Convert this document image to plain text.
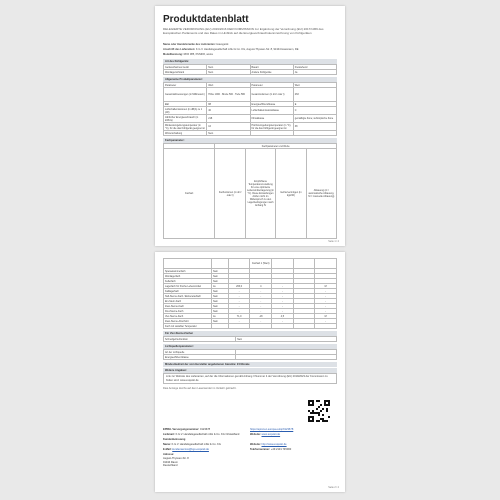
Produktdatenblatt
DELEGIERTE VERORDNUNG (EU) 2019/2016 DER KOMMISSION zur Ergänzung der Verordnung (EU) 2017/1369 des Europäischen Parlaments und des Rates im Hinblick auf die Energieverbrauchskennzeichnung von Kühlgeräten
Name oder Handelsmarke des Lieferanten: Hausgerät
Anschrift des Lieferanten: K.G.V. Handelsgesellschaft mbH & Co. KG, August-Thyssen-Str. 8, 91344 Hausraum, DE
Modellkennung: RKR 085, PUMKR, weiss
Art des Kühlgeräts:
Geräuscharmes Gerät	Nein	Bauart	Freistehend
Weinlagerschrank	Nein	Andere Kühlgeräte	Ja
Allgemeine Produktparameter:
Parameter	Wert	Parameter	Wert
Gesamtabmessungen (in Millimetern)	Höhe 1000 · Breite 500 · Tiefe 580	Gesamtvolumen (in dm³ oder l)	263
EEI	88	Energieeffizienzklasse	E
Luftschallemissionen (in dB(A) re 1 pW)	40	Luftschallemissionsklasse	C
Jährlicher Energieverbrauch (in kWh/a)	218	Klimaklasse	gemäßigte Zone; subtropische Zone
Mindestumgebungstemperatur (in °C), für die das Kühlgerät geeignet ist	16	Höchstumgebungstemperatur (in °C), für die das Kühlgerät geeignet ist	38
Winterschaltung	Nein		
Fachparameter:
	Fachparameter und Werte			
Fachart	Fachvolumen (in dm³ oder l)	Empfohlene Temperaturein-stellung für eine optimierte Lebensmittel-lagerung (in °C). Diese Einstellungen dürfen nicht im Widerspruch zu den Lagerbedingungen nach Anhang IV	Gefriervermögen (in kg/24h)	Abtauung (A = automatische Abtauung, M = manuelle Abtauung)
Seite 1 / 2
			Fachart 1 (Wert)			
Speisekammerfach	Nein					
Weinlagerfach	Nein					
Kellerfach	Nein					
Lagerfach für frische Lebensmittel	Ja	263,0	4	-		M
Kaltlagerfach	Nein	-	-	-		-
Null-Sterne-Fach / Eisbereiterfach	Nein	-	-	-		-
Ein-Stern-Fach	Nein	-	-	-		-
Zwei-Sterne-Fach	Nein	-	-	-		-
Drei-Sterne-Fach	Nein	-	-	-		-
Vier-Sterne-Fach	Ja	71,0	-18	4,5		M
Zwei-Sterne-Abschnitt	Nein	-	-	-		-
Fach mit variabler Temperatur						
Für Vier-Sterne-Fächer
Schnellgefrierfunktion	Nein
Lichtquellenparameter:
Art der Lichtquelle	
Energieeffizienzklasse	
Mindestlaufzeit der vom Hersteller angebotenen Garantie: 24 Monate
Weitere Angaben:
Link zur Website des Lieferanten, auf der die Informationen gemäß Anhang II Nummer 4 der Verordnung (EU) 2019/2023 der Kommission zu finden sind: www.exquisit.de
Dies Anzeige durchs auf dem Lasersender im Verkehr gebracht.
EPREL Versorgungsnummer: 0123678	https://eprel.ec.europa.eu/qr/0123678
Lieferant: K.G.V. Handelsgesellschaft mbH & Co. KG Ortsteil/land	Website: www.exquisit.de
Kundenbetreuung
Name: K.G.V. Handelsgesellschaft mbH & Co. KG	Website: http://www.exquisit.de
E-Mail: kundenservice@kgv-exquisit.de	Telefonnummer: +49 2131 745000
Adresse:
August-Thyssen-Str. 8
91344 Raum
Deutschland
Seite 2 / 2
